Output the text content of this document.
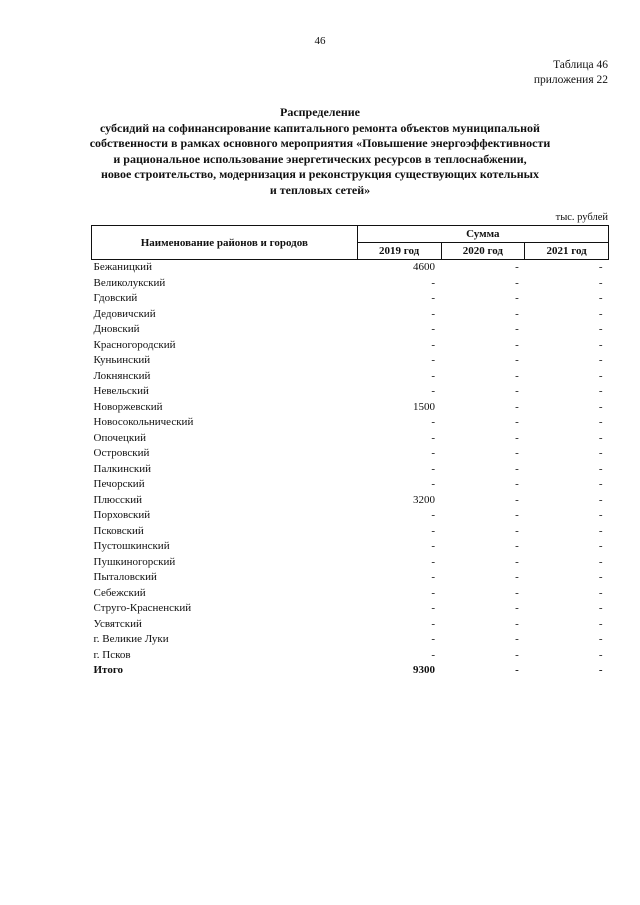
46
Таблица 46
приложения 22
Распределение
субсидий на софинансирование капитального ремонта объектов муниципальной
собственности в рамках основного мероприятия «Повышение энергоэффективности
и рациональное использование энергетических ресурсов в теплоснабжении,
новое строительство, модернизация и реконструкция существующих котельных
и тепловых сетей»
тыс. рублей
Наименование районов и городов	Сумма		
	2019 год	2020 год	2021 год
Бежаницкий	4600	-	-
Великолукский	-	-	-
Гдовский	-	-	-
Дедовичский	-	-	-
Дновский	-	-	-
Красногородский	-	-	-
Куньинский	-	-	-
Локнянский	-	-	-
Невельский	-	-	-
Новоржевский	1500	-	-
Новосокольнический	-	-	-
Опочецкий	-	-	-
Островский	-	-	-
Палкинский	-	-	-
Печорский	-	-	-
Плюсский	3200	-	-
Порховский	-	-	-
Псковский	-	-	-
Пустошкинский	-	-	-
Пушкиногорский	-	-	-
Пыталовский	-	-	-
Себежский	-	-	-
Струго-Красненский	-	-	-
Усвятский	-	-	-
г. Великие Луки	-	-	-
г. Псков	-	-	-
Итого	9300	-	-
